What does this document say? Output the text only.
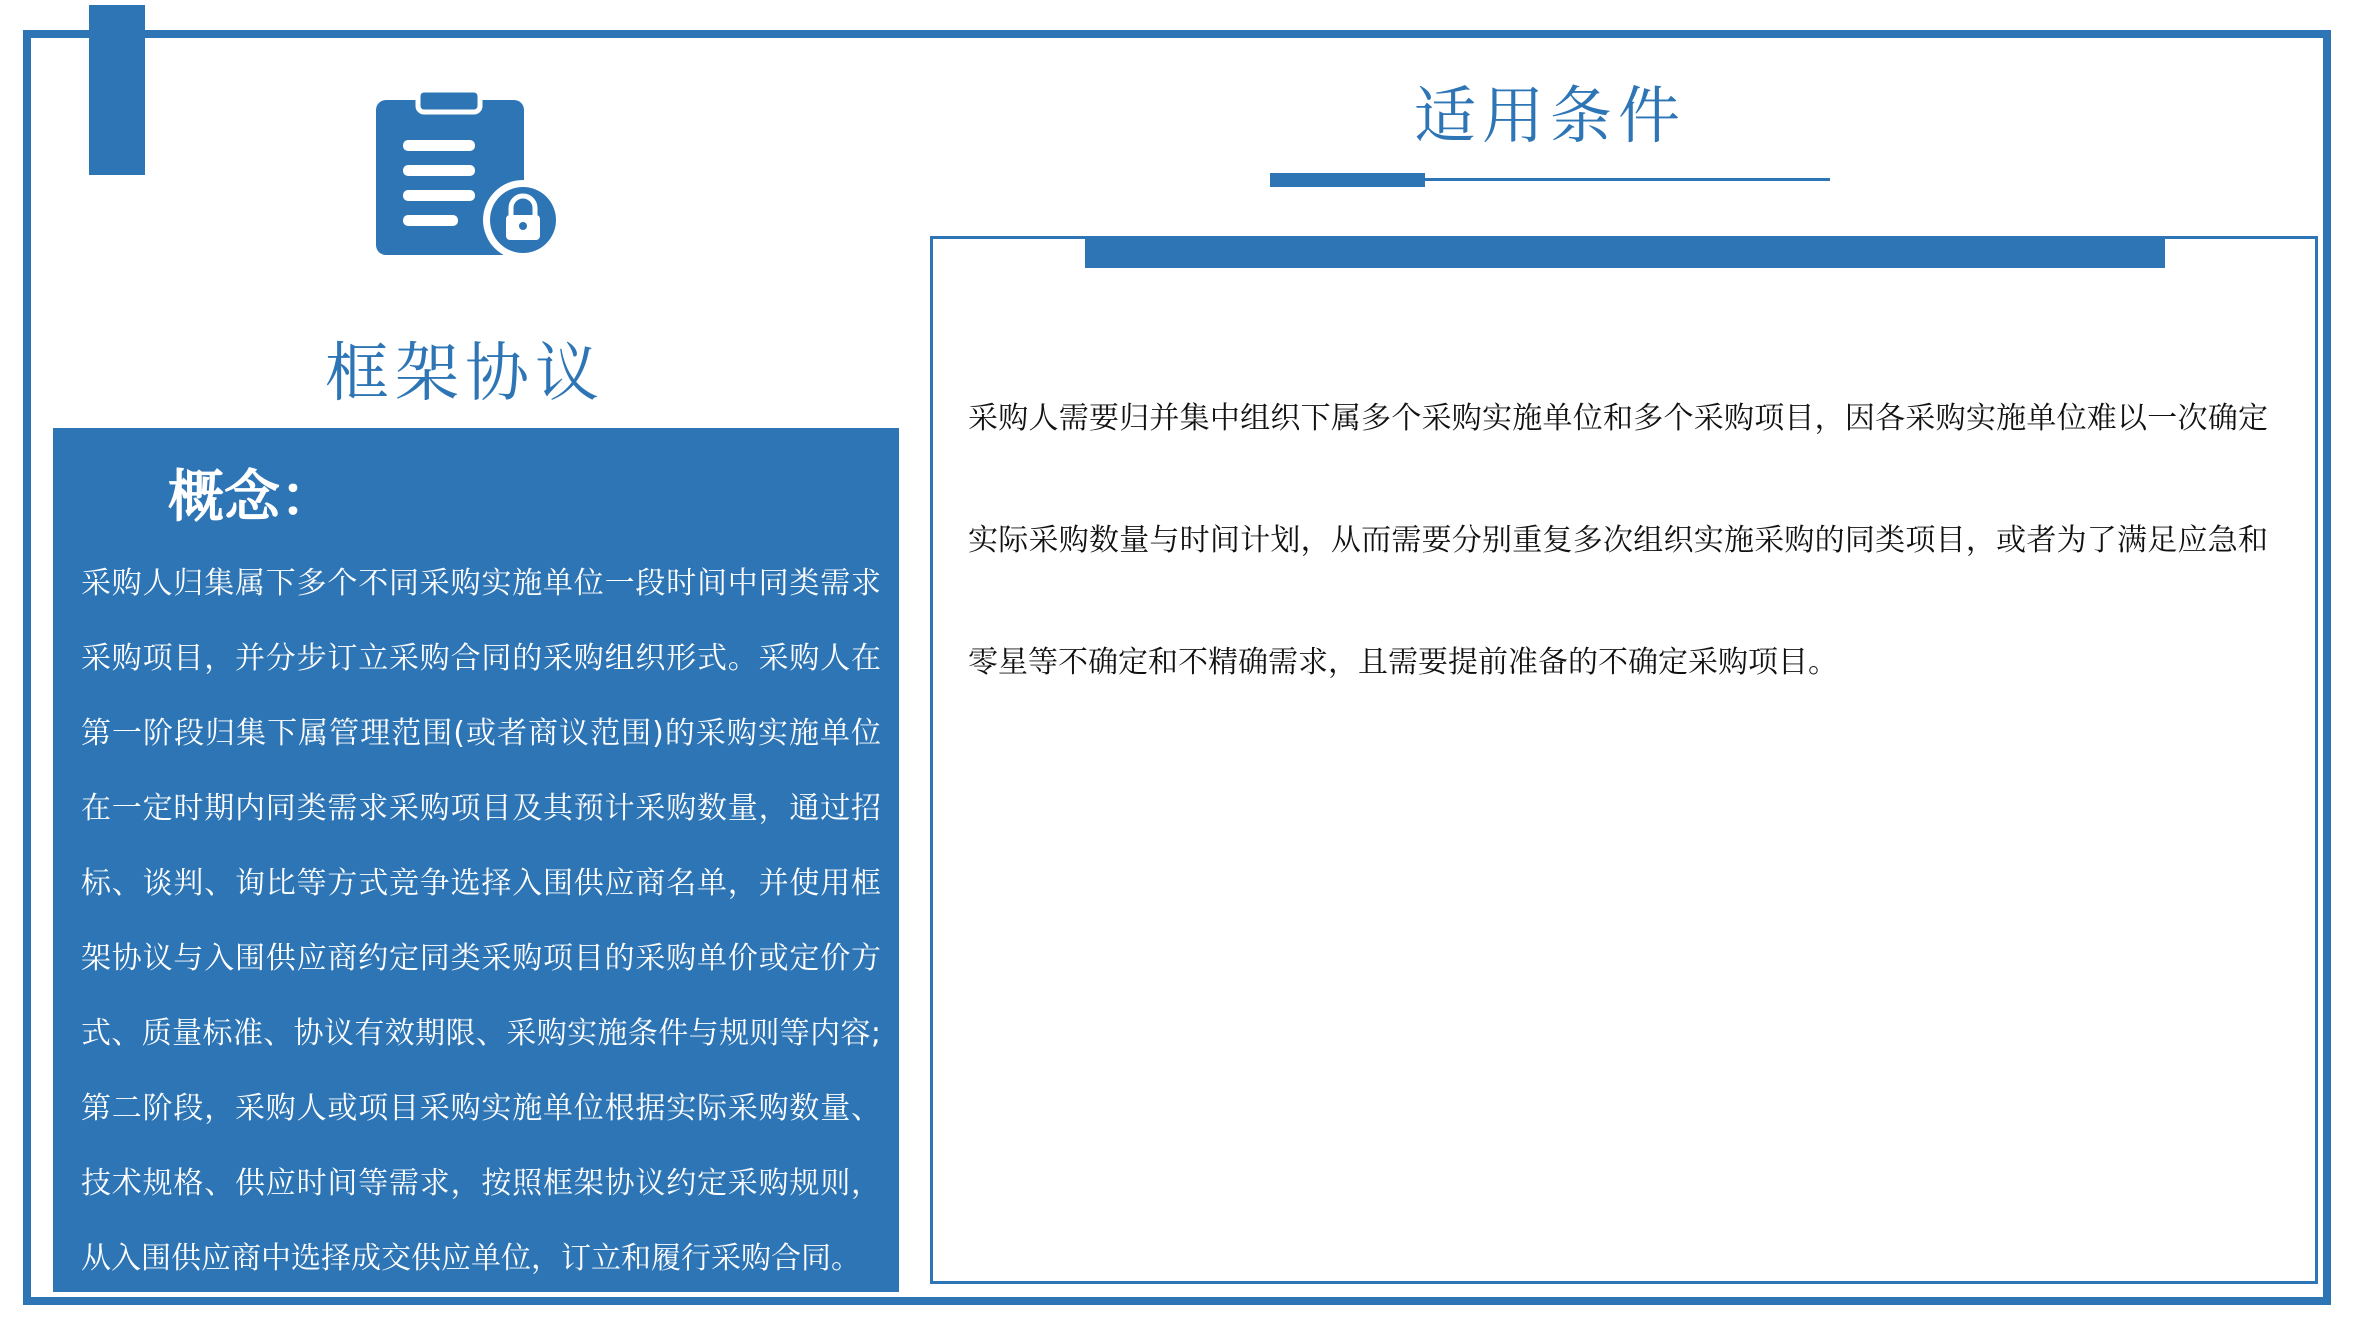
框架协议
概念：
采购人归集属下多个不同采购实施单位一段时间中同类需求采购项目，并分步订立采购合同的采购组织形式。采购人在第一阶段归集下属管理范围(或者商议范围)的采购实施单位在一定时期内同类需求采购项目及其预计采购数量，通过招标、谈判、询比等方式竞争选择入围供应商名单，并使用框架协议与入围供应商约定同类采购项目的采购单价或定价方式、质量标准、协议有效期限、采购实施条件与规则等内容;第二阶段，采购人或项目采购实施单位根据实际采购数量、技术规格、供应时间等需求，按照框架协议约定采购规则，从入围供应商中选择成交供应单位，订立和履行采购合同。
适用条件
采购人需要归并集中组织下属多个采购实施单位和多个采购项目，因各采购实施单位难以一次确定实际采购数量与时间计划，从而需要分别重复多次组织实施采购的同类项目，或者为了满足应急和零星等不确定和不精确需求，且需要提前准备的不确定采购项目。
